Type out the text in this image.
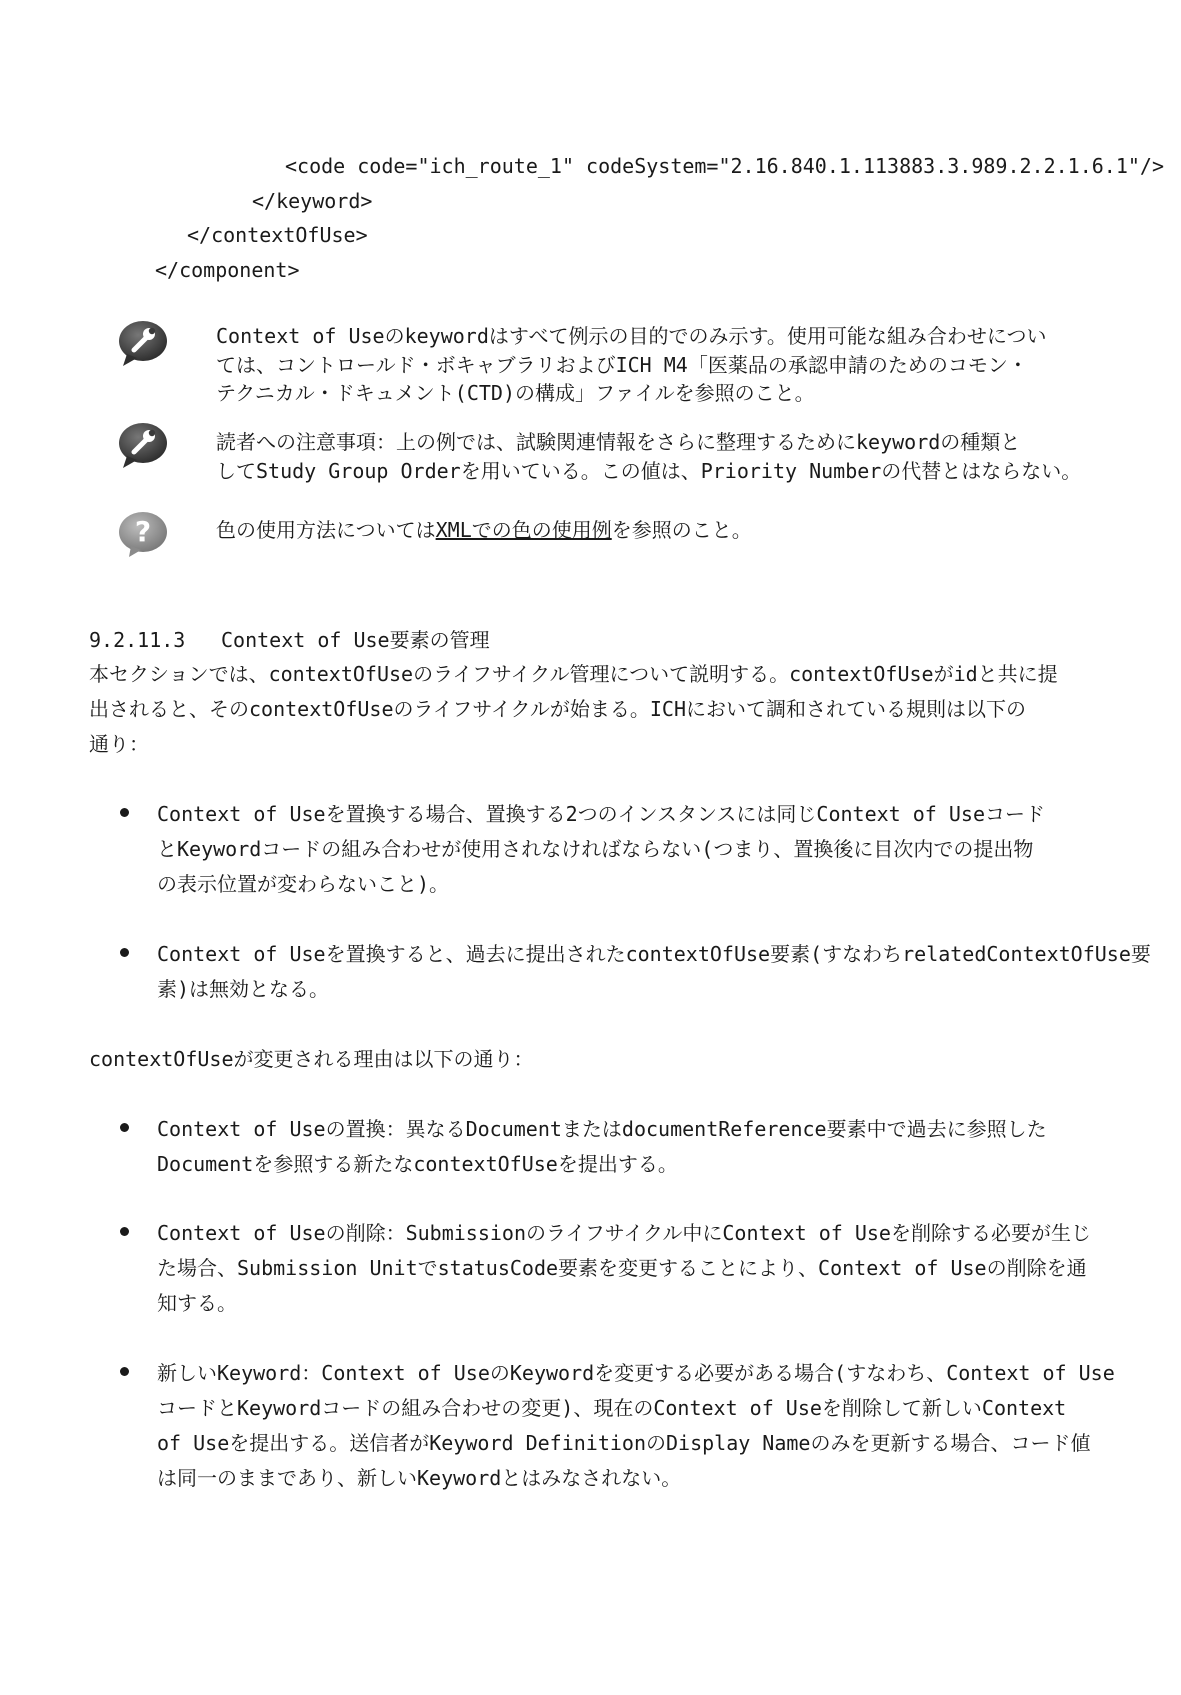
<code code="ich_route_1" codeSystem="2.16.840.1.113883.3.989.2.2.1.6.1"/>
</keyword>
</contextOfUse>
</component>
Context of Useのkeywordはすべて例示の目的でのみ示す。使用可能な組み合わせについ
ては、コントロールド・ボキャブラリおよびICH M4「医薬品の承認申請のためのコモン・
テクニカル・ドキュメント(CTD)の構成」ファイルを参照のこと。
読者への注意事項：上の例では、試験関連情報をさらに整理するためにkeywordの種類と
してStudy Group Orderを用いている。この値は、Priority Numberの代替とはならない。
?	色の使用方法についてはXMLでの色の使用例を参照のこと。
9.2.11.3 Context of Use要素の管理
本セクションでは、contextOfUseのライフサイクル管理について説明する。contextOfUseがidと共に提
出されると、そのcontextOfUseのライフサイクルが始まる。ICHにおいて調和されている規則は以下の
通り：
Context of Useを置換する場合、置換する2つのインスタンスには同じContext of Useコード
とKeywordコードの組み合わせが使用されなければならない(つまり、置換後に目次内での提出物
の表示位置が変わらないこと)。
Context of Useを置換すると、過去に提出されたcontextOfUse要素(すなわちrelatedContextOfUse要
素)は無効となる。
contextOfUseが変更される理由は以下の通り：
Context of Useの置換：異なるDocumentまたはdocumentReference要素中で過去に参照した
Documentを参照する新たなcontextOfUseを提出する。
Context of Useの削除：Submissionのライフサイクル中にContext of Useを削除する必要が生じ
た場合、Submission UnitでstatusCode要素を変更することにより、Context of Useの削除を通
知する。
新しいKeyword：Context of UseのKeywordを変更する必要がある場合(すなわち、Context of Use
コードとKeywordコードの組み合わせの変更)、現在のContext of Useを削除して新しいContext
of Useを提出する。送信者がKeyword DefinitionのDisplay Nameのみを更新する場合、コード値
は同一のままであり、新しいKeywordとはみなされない。
